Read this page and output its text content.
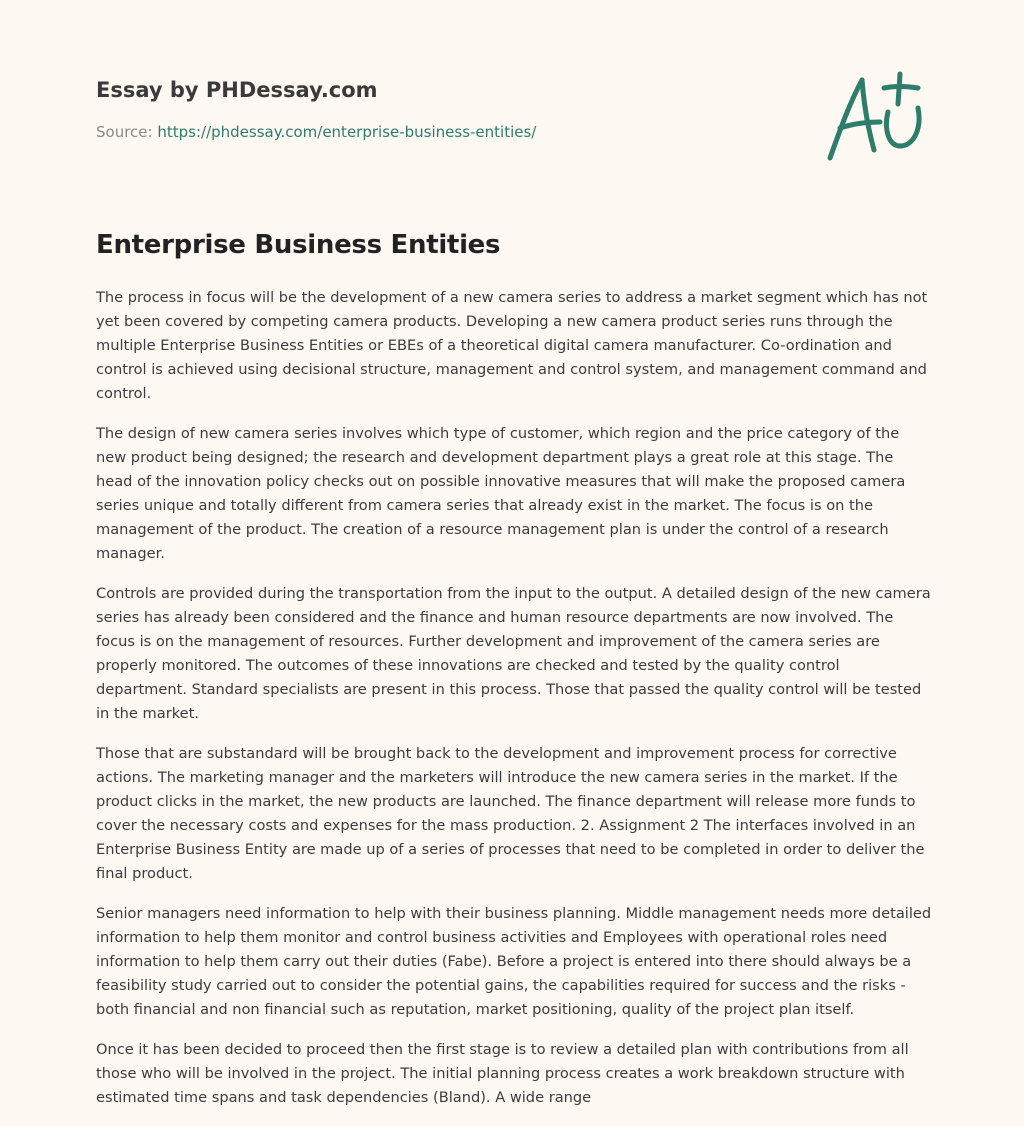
Essay by PHDessay.com
Source: https://phdessay.com/enterprise-business-entities/
Enterprise Business Entities

The process in focus will be the development of a new camera series to address a market segment which has not yet been covered by competing camera products. Developing a new camera product series runs through the multiple Enterprise Business Entities or EBEs of a theoretical digital camera manufacturer. Co-ordination and control is achieved using decisional structure, management and control system, and management command and control.

The design of new camera series involves which type of customer, which region and the price category of the new product being designed; the research and development department plays a great role at this stage. The head of the innovation policy checks out on possible innovative measures that will make the proposed camera series unique and totally different from camera series that already exist in the market. The focus is on the management of the product. The creation of a resource management plan is under the control of a research manager.

Controls are provided during the transportation from the input to the output. A detailed design of the new camera series has already been considered and the finance and human resource departments are now involved. The focus is on the management of resources. Further development and improvement of the camera series are properly monitored. The outcomes of these innovations are checked and tested by the quality control department. Standard specialists are present in this process. Those that passed the quality control will be tested in the market.

Those that are substandard will be brought back to the development and improvement process for corrective actions. The marketing manager and the marketers will introduce the new camera series in the market. If the product clicks in the market, the new products are launched. The finance department will release more funds to cover the necessary costs and expenses for the mass production. 2. Assignment 2 The interfaces involved in an Enterprise Business Entity are made up of a series of processes that need to be completed in order to deliver the final product.

Senior managers need information to help with their business planning. Middle management needs more detailed information to help them monitor and control business activities and Employees with operational roles need information to help them carry out their duties (Fabe). Before a project is entered into there should always be a feasibility study carried out to consider the potential gains, the capabilities required for success and the risks - both financial and non financial such as reputation, market positioning, quality of the project plan itself.

Once it has been decided to proceed then the first stage is to review a detailed plan with contributions from all those who will be involved in the project. The initial planning process creates a work breakdown structure with estimated time spans and task dependencies (Bland). A wide range
